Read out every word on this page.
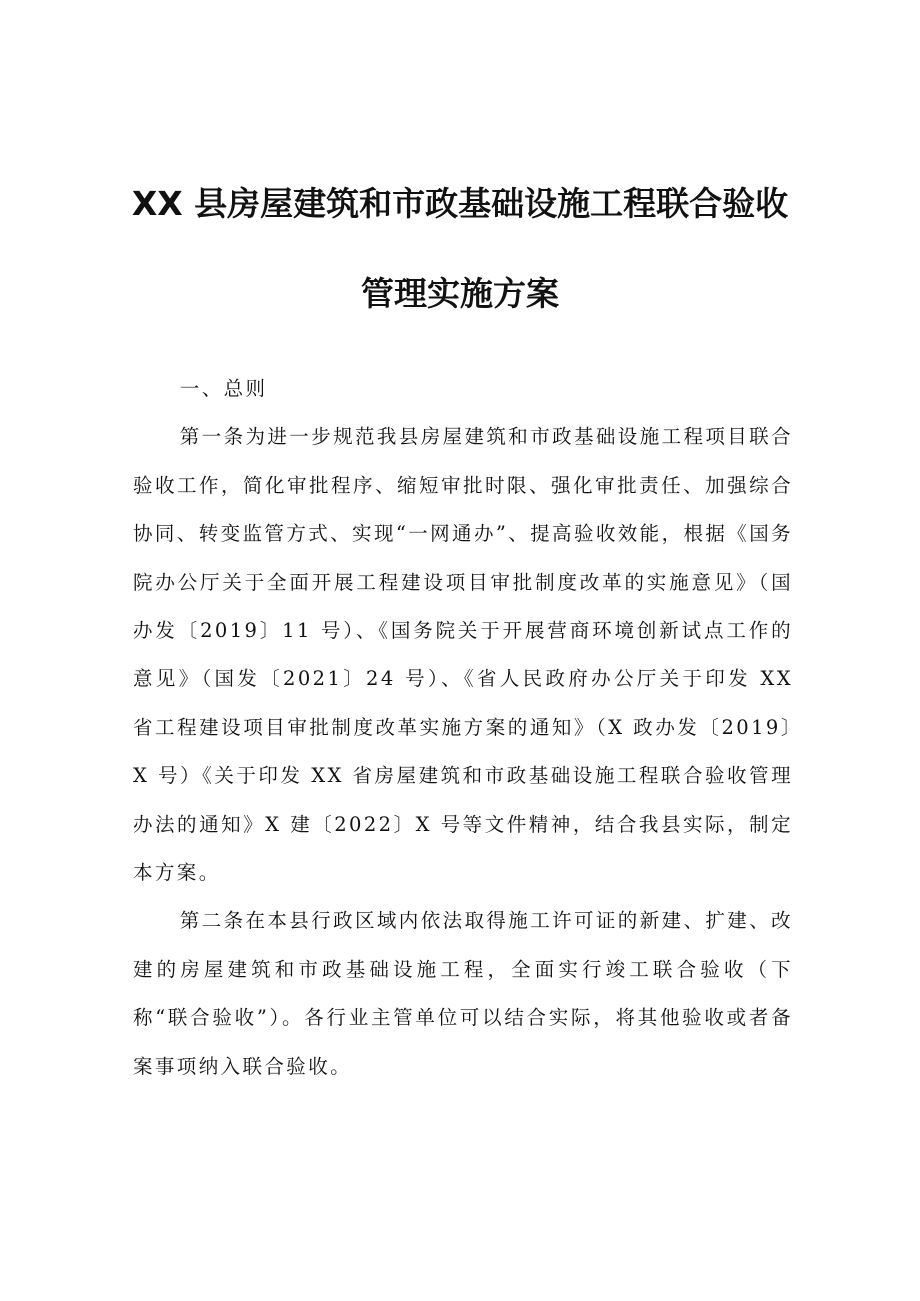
XX 县房屋建筑和市政基础设施工程联合验收
管理实施方案

一、总则

第一条为进一步规范我县房屋建筑和市政基础设施工程项目联合验收工作，简化审批程序、缩短审批时限、强化审批责任、加强综合协同、转变监管方式、实现“一网通办”、提高验收效能，根据《国务院办公厅关于全面开展工程建设项目审批制度改革的实施意见》（国办发〔2019〕11 号）、《国务院关于开展营商环境创新试点工作的意见》（国发〔2021〕24 号）、《省人民政府办公厅关于印发 XX 省工程建设项目审批制度改革实施方案的通知》（X 政办发〔2019〕X 号）《关于印发 XX 省房屋建筑和市政基础设施工程联合验收管理办法的通知》X 建〔2022〕X 号等文件精神，结合我县实际，制定本方案。

第二条在本县行政区域内依法取得施工许可证的新建、扩建、改建的房屋建筑和市政基础设施工程，全面实行竣工联合验收（下称“联合验收”）。各行业主管单位可以结合实际，将其他验收或者备案事项纳入联合验收。
